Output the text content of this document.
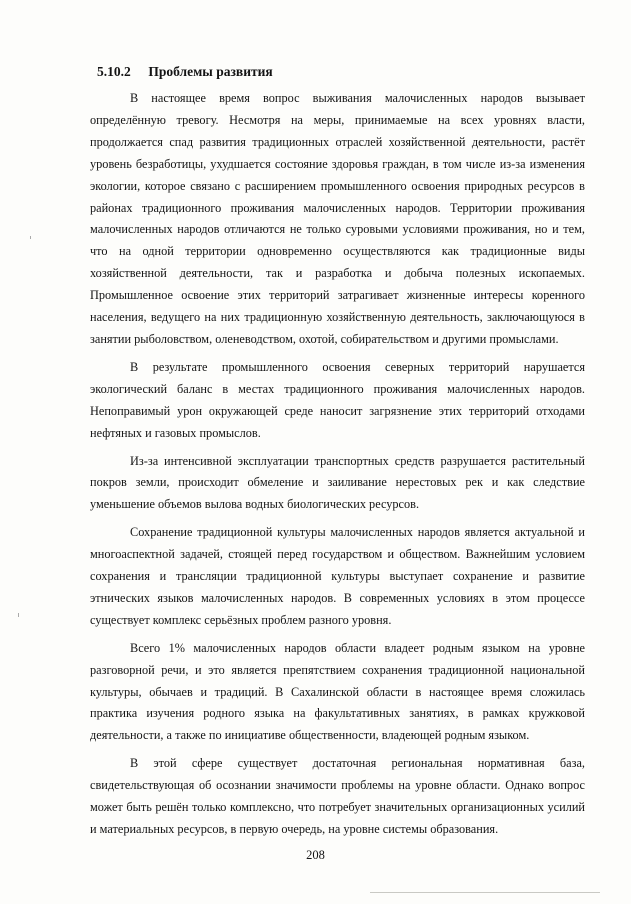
5.10.2 Проблемы развития

В настоящее время вопрос выживания малочисленных народов вызывает определённую тревогу. Несмотря на меры, принимаемые на всех уровнях власти, продолжается спад развития традиционных отраслей хозяйственной деятельности, растёт уровень безработицы, ухудшается состояние здоровья граждан, в том числе из-за изменения экологии, которое связано с расширением промышленного освоения природных ресурсов в районах традиционного проживания малочисленных народов. Территории проживания малочисленных народов отличаются не только суровыми условиями проживания, но и тем, что на одной территории одновременно осуществляются как традиционные виды хозяйственной деятельности, так и разработка и добыча полезных ископаемых. Промышленное освоение этих территорий затрагивает жизненные интересы коренного населения, ведущего на них традиционную хозяйственную деятельность, заключающуюся в занятии рыболовством, оленеводством, охотой, собирательством и другими промыслами.

В результате промышленного освоения северных территорий нарушается экологический баланс в местах традиционного проживания малочисленных народов. Непоправимый урон окружающей среде наносит загрязнение этих территорий отходами нефтяных и газовых промыслов.

Из-за интенсивной эксплуатации транспортных средств разрушается растительный покров земли, происходит обмеление и заиливание нерестовых рек и как следствие уменьшение объемов вылова водных биологических ресурсов.

Сохранение традиционной культуры малочисленных народов является актуальной и многоаспектной задачей, стоящей перед государством и обществом. Важнейшим условием сохранения и трансляции традиционной культуры выступает сохранение и развитие этнических языков малочисленных народов. В современных условиях в этом процессе существует комплекс серьёзных проблем разного уровня.

Всего 1% малочисленных народов области владеет родным языком на уровне разговорной речи, и это является препятствием сохранения традиционной национальной культуры, обычаев и традиций. В Сахалинской области в настоящее время сложилась практика изучения родного языка на факультативных занятиях, в рамках кружковой деятельности, а также по инициативе общественности, владеющей родным языком.

В этой сфере существует достаточная региональная нормативная база, свидетельствующая об осознании значимости проблемы на уровне области. Однако вопрос может быть решён только комплексно, что потребует значительных организационных усилий и материальных ресурсов, в первую очередь, на уровне системы образования.

208
